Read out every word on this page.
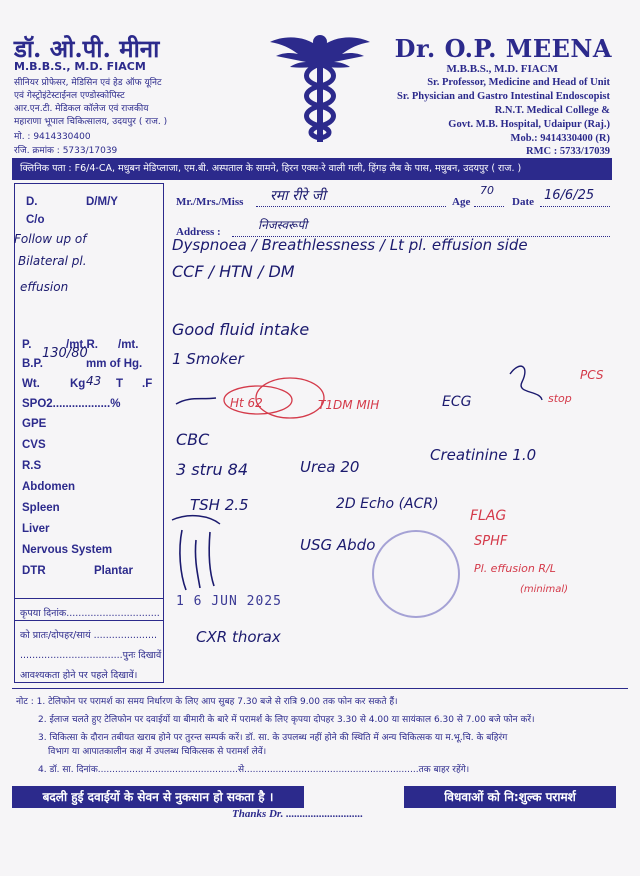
डॉ. ओ.पी. मीना
M.B.B.S., M.D. FIACM
सीनियर प्रोफेसर, मेडिसिन एवं हेड ऑफ यूनिट
एवं गेस्ट्रोइंटेस्टाईनल एण्डोस्कोपिस्ट
आर.एन.टी. मेडिकल कॉलेज एवं राजकीय
महाराणा भूपाल चिकित्सालय, उदयपुर ( राज. )
मो. : 9414330400
रजि. क्रमांक : 5733/17039
Dr. O.P. MEENA
M.B.B.S., M.D. FIACM
Sr. Professor, Medicine and Head of Unit
Sr. Physician and Gastro Intestinal Endoscopist
R.N.T. Medical College &
Govt. M.B. Hospital, Udaipur (Raj.)
Mob.: 9414330400 (R)
RMC : 5733/17039
क्लिनिक पता : F6/4-CA, मधुबन मेडिप्लाजा, एम.बी. अस्पताल के सामने, हिरन एक्स-रे वाली गली, हिंगड़ लैब के पास, मधुबन, उदयपुर ( राज. )
D.	D/M/Y
C/o
P.	/mt.R. /mt.
B.P.	mm of Hg.
Wt.	Kg	T .F
SPO2..................%
GPE
CVS
R.S
Abdomen
Spleen
Liver
Nervous System
DTR	Plantar
Follow up of
Bilateral pl.
effusion
130/80
43
कृपया दिनांक...............................
को प्रातः/दोपहर/सायं .....................
..................................पुनः दिखावें।
आवश्यकता होने पर पहले दिखावें।
Mr./Mrs./Miss रमा रीरे जी	Age
70
Date 16/6/25
Address :	निजस्वरूपी
Dyspnoea / Breathlessness / Lt pl. effusion side
CCF / HTN / DM
Good fluid intake
1 Smoker
Ht 62	T1DM MIH
CBC
3 stru 84	Urea 20
Creatinine 1.0
TSH 2.5	2D Echo (ACR)
USG Abdo
CXR thorax
ECG
FLAG
SPHF
Pl. effusion R/L
(minimal)
PCS
stop
1 6 JUN 2025
नोट : 1. टेलिफोन पर परामर्श का समय निर्धारण के लिए आप सुबह 7.30 बजे से रात्रि 9.00 तक फोन कर सकते हैं।
2. ईलाज चलते हुए टेलिफोन पर दवाईयों या बीमारी के बारे में परामर्श के लिए कृपया दोपहर 3.30 से 4.00 या सायंकाल 6.30 से 7.00 बजे फोन करें।
3. चिकित्सा के दौरान तबीयत खराब होने पर तुरन्त सम्पर्क करें। डॉ. सा. के उपलब्ध नहीं होने की स्थिति में अन्य चिकित्सक या म.भू.चि. के बहिरंग
विभाग या आपातकालीन कक्ष में उपलब्ध चिकित्सक से परामर्श लेवें।
4. डॉ. सा. दिनांक.................................................से.............................................................तक बाहर रहेंगे।
बदली हुई दवाईयों के सेवन से नुकसान हो सकता है ।	विधवाओं को नि:शुल्क परामर्श
Thanks Dr. ............................
